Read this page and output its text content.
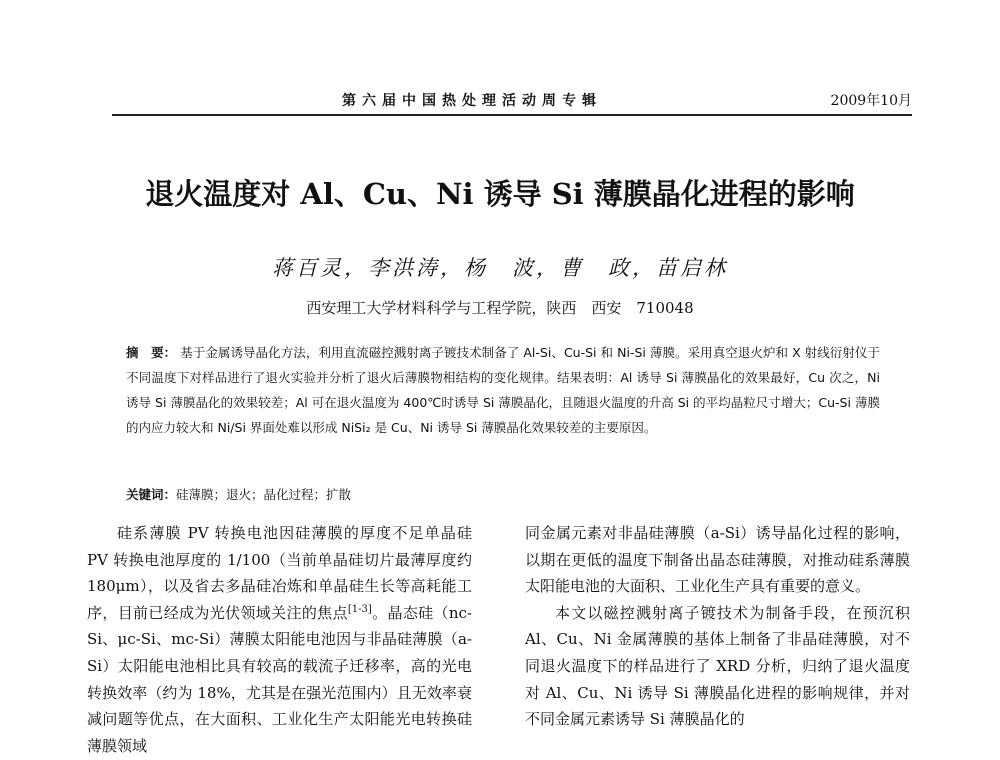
第六届中国热处理活动周专辑	2009年10月
退火温度对 Al、Cu、Ni 诱导 Si 薄膜晶化进程的影响
蒋百灵，李洪涛，杨　波，曹　政，苗启林
西安理工大学材料科学与工程学院，陕西　西安　710048
摘　要： 基于金属诱导晶化方法，利用直流磁控溅射离子镀技术制备了 Al-Si、Cu-Si 和 Ni-Si 薄膜。采用真空退火炉和 X 射线衍射仪于不同温度下对样品进行了退火实验并分析了退火后薄膜物相结构的变化规律。结果表明：Al 诱导 Si 薄膜晶化的效果最好，Cu 次之，Ni 诱导 Si 薄膜晶化的效果较差；Al 可在退火温度为 400℃时诱导 Si 薄膜晶化，且随退火温度的升高 Si 的平均晶粒尺寸增大；Cu-Si 薄膜的内应力较大和 Ni/Si 界面处难以形成 NiSi₂ 是 Cu、Ni 诱导 Si 薄膜晶化效果较差的主要原因。
关键词：硅薄膜；退火；晶化过程；扩散

硅系薄膜 PV 转换电池因硅薄膜的厚度不足单晶硅 PV 转换电池厚度的 1/100（当前单晶硅切片最薄厚度约 180μm），以及省去多晶硅冶炼和单晶硅生长等高耗能工序，目前已经成为光伏领域关注的焦点[1-3]。晶态硅（nc-Si、μc-Si、mc-Si）薄膜太阳能电池因与非晶硅薄膜（a-Si）太阳能电池相比具有较高的载流子迁移率，高的光电转换效率（约为 18%，尤其是在强光范围内）且无效率衰减问题等优点，在大面积、工业化生产太阳能光电转换硅薄膜领域

同金属元素对非晶硅薄膜（a-Si）诱导晶化过程的影响，以期在更低的温度下制备出晶态硅薄膜，对推动硅系薄膜太阳能电池的大面积、工业化生产具有重要的意义。

本文以磁控溅射离子镀技术为制备手段，在预沉积 Al、Cu、Ni 金属薄膜的基体上制备了非晶硅薄膜，对不同退火温度下的样品进行了 XRD 分析，归纳了退火温度对 Al、Cu、Ni 诱导 Si 薄膜晶化进程的影响规律，并对不同金属元素诱导 Si 薄膜晶化的
